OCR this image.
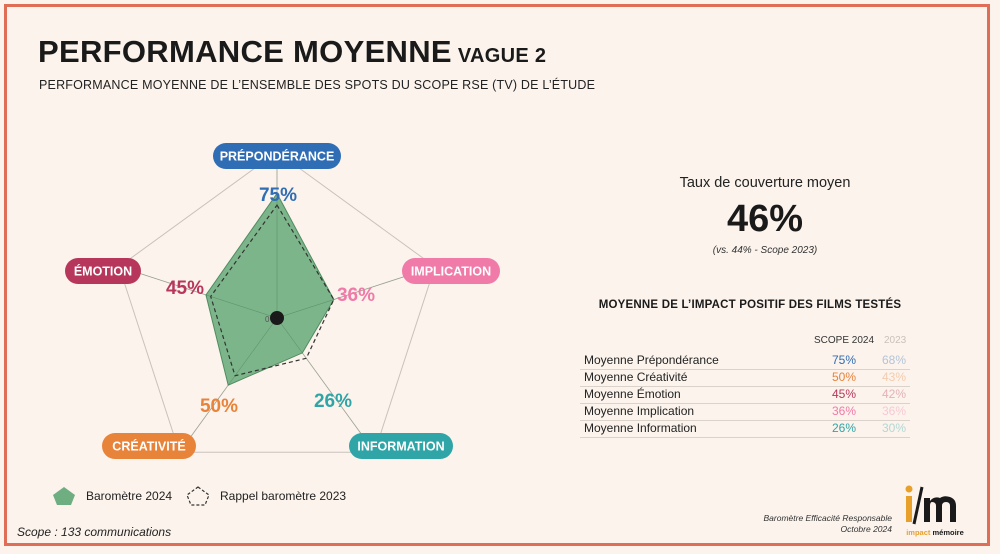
PERFORMANCE MOYENNE VAGUE 2
PERFORMANCE MOYENNE DE L’ENSEMBLE DES SPOTS DU SCOPE RSE (TV) DE L’ÉTUDE
0
PRÉPONDÉRANCE
IMPLICATION
INFORMATION
CRÉATIVITÉ
ÉMOTION
75%
36%
26%
50%
45%
Baromètre 2024	Rappel baromètre 2023
Scope : 133 communications
Taux de couverture moyen
46%
(vs. 44% - Scope 2023)
MOYENNE DE L’IMPACT POSITIF DES FILMS TESTÉS
SCOPE 2024 2023
Moyenne Prépondérance	75%	68%
Moyenne Créativité	50%	43%
Moyenne Émotion	45%	42%
Moyenne Implication	36%	36%
Moyenne Information	26%	30%
Baromètre Efficacité Responsable
Octobre 2024 impact mémoire
